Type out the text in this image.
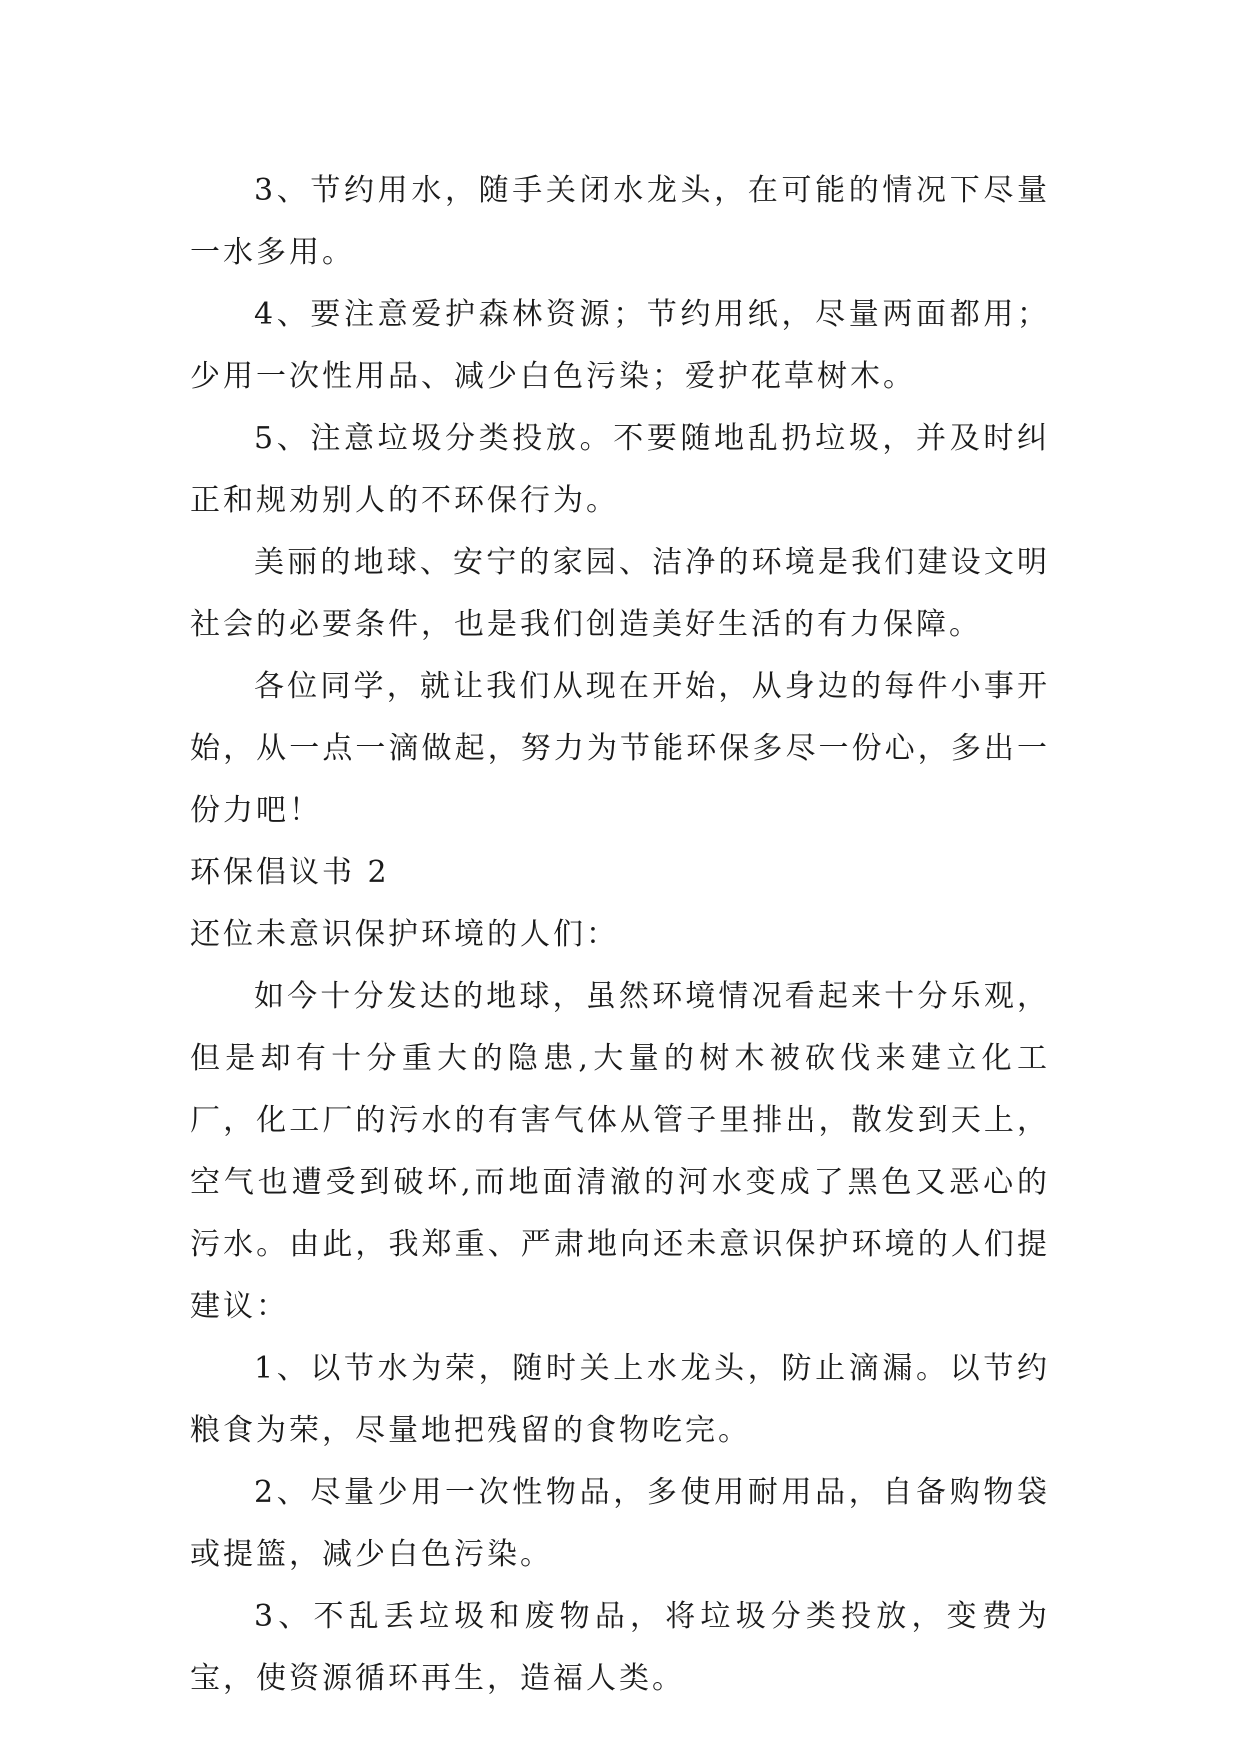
3、节约用水，随手关闭水龙头，在可能的情况下尽量一水多用。

4、要注意爱护森林资源；节约用纸，尽量两面都用；少用一次性用品、减少白色污染；爱护花草树木。

5、注意垃圾分类投放。不要随地乱扔垃圾，并及时纠正和规劝别人的不环保行为。

美丽的地球、安宁的家园、洁净的环境是我们建设文明社会的必要条件，也是我们创造美好生活的有力保障。

各位同学，就让我们从现在开始，从身边的每件小事开始，从一点一滴做起，努力为节能环保多尽一份心，多出一份力吧！

环保倡议书 2

还位未意识保护环境的人们：

如今十分发达的地球，虽然环境情况看起来十分乐观，但是却有十分重大的隐患,大量的树木被砍伐来建立化工厂，化工厂的污水的有害气体从管子里排出，散发到天上，空气也遭受到破坏,而地面清澈的河水变成了黑色又恶心的污水。由此，我郑重、严肃地向还未意识保护环境的人们提建议：

1、以节水为荣，随时关上水龙头，防止滴漏。以节约粮食为荣，尽量地把残留的食物吃完。

2、尽量少用一次性物品，多使用耐用品，自备购物袋或提篮，减少白色污染。

3、不乱丢垃圾和废物品，将垃圾分类投放，变费为宝，使资源循环再生，造福人类。
